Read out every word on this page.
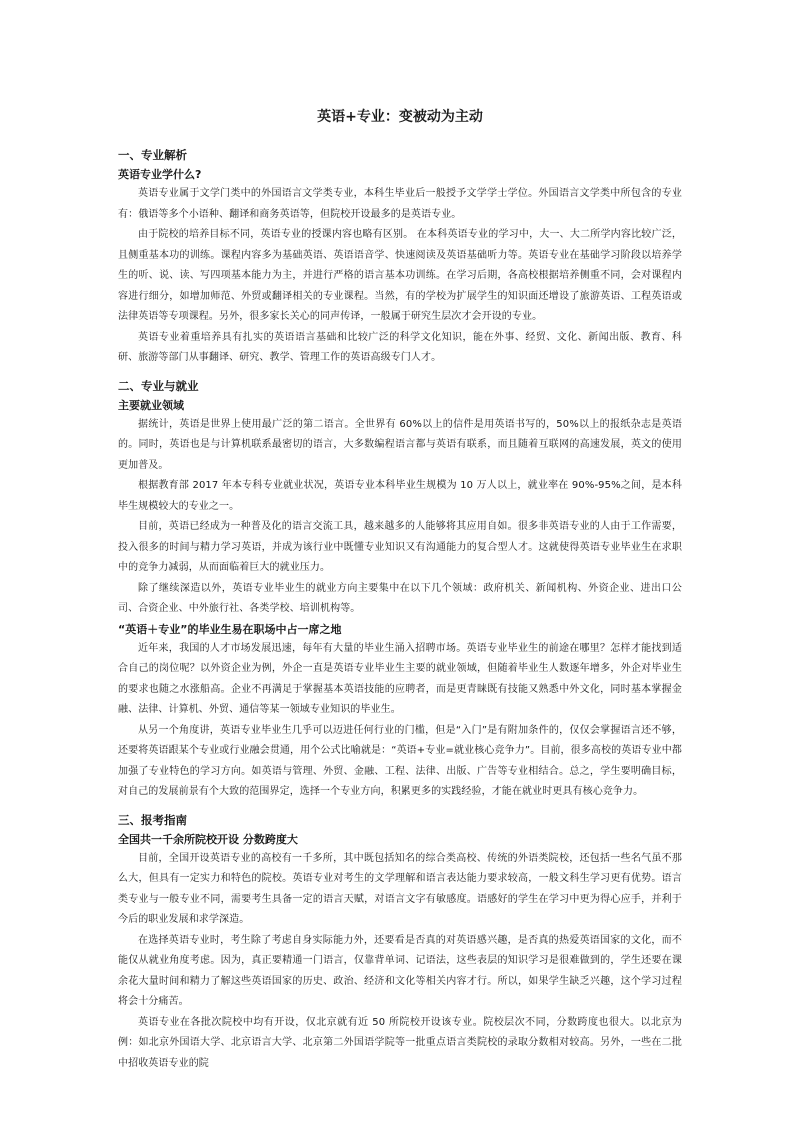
英语+专业：变被动为主动
一、专业解析
英语专业学什么?

英语专业属于文学门类中的外国语言文学类专业，本科生毕业后一般授予文学学士学位。外国语言文学类中所包含的专业有：俄语等多个小语种、翻译和商务英语等，但院校开设最多的是英语专业。

由于院校的培养目标不同，英语专业的授课内容也略有区别。 在本科英语专业的学习中，大一、大二所学内容比较广泛，且侧重基本功的训练。课程内容多为基础英语、英语语音学、快速阅读及英语基础听力等。英语专业在基础学习阶段以培养学生的听、说、读、写四项基本能力为主，并进行严格的语言基本功训练。在学习后期，各高校根据培养侧重不同，会对课程内容进行细分，如增加师范、外贸或翻译相关的专业课程。当然，有的学校为扩展学生的知识面还增设了旅游英语、工程英语或法律英语等专项课程。另外，很多家长关心的同声传译，一般属于研究生层次才会开设的专业。

英语专业着重培养具有扎实的英语语言基础和比较广泛的科学文化知识，能在外事、经贸、文化、新闻出版、教育、科研、旅游等部门从事翻译、研究、教学、管理工作的英语高级专门人才。

二、专业与就业
主要就业领域

据统计，英语是世界上使用最广泛的第二语言。全世界有 60%以上的信件是用英语书写的，50%以上的报纸杂志是英语的。同时，英语也是与计算机联系最密切的语言，大多数编程语言都与英语有联系，而且随着互联网的高速发展，英文的使用更加普及。

根据教育部 2017 年本专科专业就业状况，英语专业本科毕业生规模为 10 万人以上，就业率在 90%-95%之间，是本科毕生规模较大的专业之一。

目前，英语已经成为一种普及化的语言交流工具，越来越多的人能够将其应用自如。很多非英语专业的人由于工作需要，投入很多的时间与精力学习英语，并成为该行业中既懂专业知识又有沟通能力的复合型人才。这就使得英语专业毕业生在求职中的竞争力减弱，从而面临着巨大的就业压力。

除了继续深造以外，英语专业毕业生的就业方向主要集中在以下几个领域：政府机关、新闻机构、外资企业、进出口公司、合资企业、中外旅行社、各类学校、培训机构等。

“英语＋专业”的毕业生易在职场中占一席之地

近年来，我国的人才市场发展迅速，每年有大量的毕业生涌入招聘市场。英语专业毕业生的前途在哪里？怎样才能找到适合自己的岗位呢？以外资企业为例，外企一直是英语专业毕业生主要的就业领域，但随着毕业生人数逐年增多，外企对毕业生的要求也随之水涨船高。企业不再满足于掌握基本英语技能的应聘者，而是更青睐既有技能又熟悉中外文化，同时基本掌握金融、法律、计算机、外贸、通信等某一领域专业知识的毕业生。

从另一个角度讲，英语专业毕业生几乎可以迈进任何行业的门槛，但是“入门”是有附加条件的，仅仅会掌握语言还不够，还要将英语跟某个专业或行业融会贯通，用个公式比喻就是：“英语+专业=就业核心竞争力”。目前，很多高校的英语专业中都加强了专业特色的学习方向。如英语与管理、外贸、金融、工程、法律、出版、广告等专业相结合。总之，学生要明确目标，对自己的发展前景有个大致的范围界定，选择一个专业方向，积累更多的实践经验，才能在就业时更具有核心竞争力。

三、报考指南
全国共一千余所院校开设 分数跨度大

目前，全国开设英语专业的高校有一千多所，其中既包括知名的综合类高校、传统的外语类院校，还包括一些名气虽不那么大，但具有一定实力和特色的院校。英语专业对考生的文学理解和语言表达能力要求较高，一般文科生学习更有优势。语言类专业与一般专业不同，需要考生具备一定的语言天赋，对语言文字有敏感度。语感好的学生在学习中更为得心应手，并利于今后的职业发展和求学深造。

在选择英语专业时，考生除了考虑自身实际能力外，还要看是否真的对英语感兴趣，是否真的热爱英语国家的文化，而不能仅从就业角度考虑。因为，真正要精通一门语言，仅靠背单词、记语法，这些表层的知识学习是很难做到的，学生还要在课余花大量时间和精力了解这些英语国家的历史、政治、经济和文化等相关内容才行。所以，如果学生缺乏兴趣，这个学习过程将会十分痛苦。

英语专业在各批次院校中均有开设，仅北京就有近 50 所院校开设该专业。院校层次不同，分数跨度也很大。以北京为例：如北京外国语大学、北京语言大学、北京第二外国语学院等一批重点语言类院校的录取分数相对较高。另外，一些在二批中招收英语专业的院
